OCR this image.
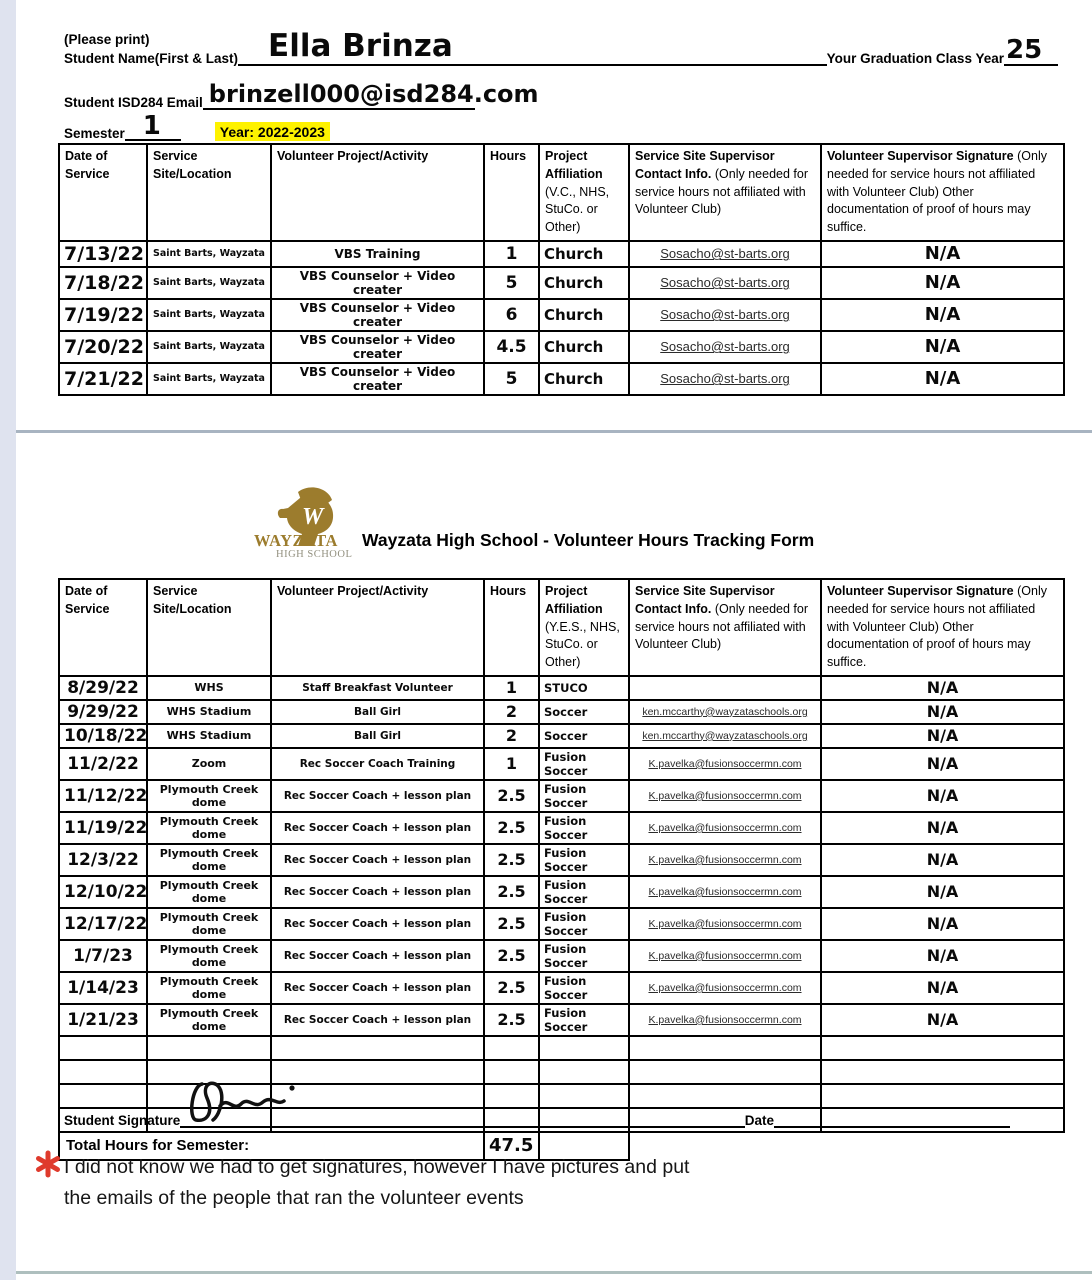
(Please print)
Student Name(First & Last) Ella Brinza	Your Graduation Class Year 25
Student ISD284 Email brinzell000@isd284.com
Semester 1	Year: 2022-2023
Date of Service	Service Site/Location	Volunteer Project/Activity	Hours	Project Affiliation (V.C., NHS, StuCo. or Other)	Service Site Supervisor Contact Info. (Only needed for service hours not affiliated with Volunteer Club)	Volunteer Supervisor Signature (Only needed for service hours not affiliated with Volunteer Club) Other documentation of proof of hours may suffice.
7/13/22	Saint Barts, Wayzata	VBS Training	1	Church	Sosacho@st-barts.org	N/A
7/18/22	Saint Barts, Wayzata	VBS Counselor + Video creater	5	Church	Sosacho@st-barts.org	N/A
7/19/22	Saint Barts, Wayzata	VBS Counselor + Video creater	6	Church	Sosacho@st-barts.org	N/A
7/20/22	Saint Barts, Wayzata	VBS Counselor + Video creater	4.5	Church	Sosacho@st-barts.org	N/A
7/21/22	Saint Barts, Wayzata	VBS Counselor + Video creater	5	Church	Sosacho@st-barts.org	N/A
W
WAYZATA
HIGH SCHOOL
Wayzata High School - Volunteer Hours Tracking Form
Date of Service	Service Site/Location	Volunteer Project/Activity	Hours	Project Affiliation (Y.E.S., NHS, StuCo. or Other)	Service Site Supervisor Contact Info. (Only needed for service hours not affiliated with Volunteer Club)	Volunteer Supervisor Signature (Only needed for service hours not affiliated with Volunteer Club) Other documentation of proof of hours may suffice.
8/29/22	WHS	Staff Breakfast Volunteer	1	STUCO		N/A
9/29/22	WHS Stadium	Ball Girl	2	Soccer	ken.mccarthy@wayzataschools.org	N/A
10/18/22	WHS Stadium	Ball Girl	2	Soccer	ken.mccarthy@wayzataschools.org	N/A
11/2/22	Zoom	Rec Soccer Coach Training	1	Fusion Soccer	K.pavelka@fusionsoccermn.com	N/A
11/12/22	Plymouth Creek dome	Rec Soccer Coach + lesson plan	2.5	Fusion Soccer	K.pavelka@fusionsoccermn.com	N/A
11/19/22	Plymouth Creek dome	Rec Soccer Coach + lesson plan	2.5	Fusion Soccer	K.pavelka@fusionsoccermn.com	N/A
12/3/22	Plymouth Creek dome	Rec Soccer Coach + lesson plan	2.5	Fusion Soccer	K.pavelka@fusionsoccermn.com	N/A
12/10/22	Plymouth Creek dome	Rec Soccer Coach + lesson plan	2.5	Fusion Soccer	K.pavelka@fusionsoccermn.com	N/A
12/17/22	Plymouth Creek dome	Rec Soccer Coach + lesson plan	2.5	Fusion Soccer	K.pavelka@fusionsoccermn.com	N/A
1/7/23	Plymouth Creek dome	Rec Soccer Coach + lesson plan	2.5	Fusion Soccer	K.pavelka@fusionsoccermn.com	N/A
1/14/23	Plymouth Creek dome	Rec Soccer Coach + lesson plan	2.5	Fusion Soccer	K.pavelka@fusionsoccermn.com	N/A
1/21/23	Plymouth Creek dome	Rec Soccer Coach + lesson plan	2.5	Fusion Soccer	K.pavelka@fusionsoccermn.com	N/A

Total Hours for Semester:			47.5			
Student Signature	Date
I did not know we had to get signatures, however I have pictures and put
the emails of the people that ran the volunteer events
